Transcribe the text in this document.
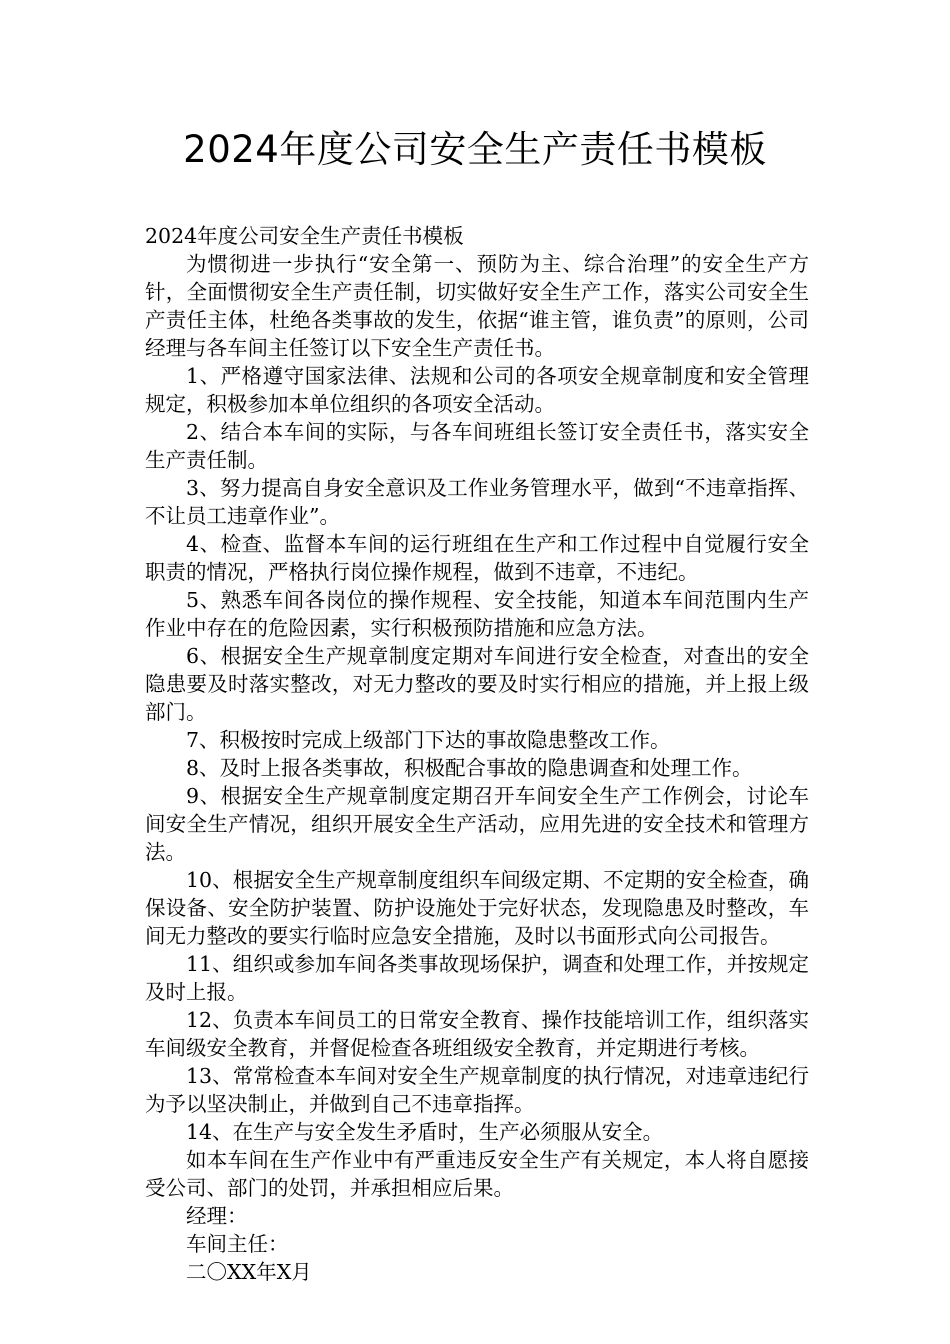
2024年度公司安全生产责任书模板

2024年度公司安全生产责任书模板

为惯彻进一步执行“安全第一、预防为主、综合治理”的安全生产方针，全面惯彻安全生产责任制，切实做好安全生产工作，落实公司安全生产责任主体，杜绝各类事故的发生，依据“谁主管，谁负责”的原则，公司经理与各车间主任签订以下安全生产责任书。

1、严格遵守国家法律、法规和公司的各项安全规章制度和安全管理规定，积极参加本单位组织的各项安全活动。

2、结合本车间的实际，与各车间班组长签订安全责任书，落实安全生产责任制。

3、努力提高自身安全意识及工作业务管理水平，做到“不违章指挥、不让员工违章作业”。

4、检查、监督本车间的运行班组在生产和工作过程中自觉履行安全职责的情况，严格执行岗位操作规程，做到不违章，不违纪。

5、熟悉车间各岗位的操作规程、安全技能，知道本车间范围内生产作业中存在的危险因素，实行积极预防措施和应急方法。

6、根据安全生产规章制度定期对车间进行安全检查，对查出的安全隐患要及时落实整改，对无力整改的要及时实行相应的措施，并上报上级部门。

7、积极按时完成上级部门下达的事故隐患整改工作。

8、及时上报各类事故，积极配合事故的隐患调查和处理工作。

9、根据安全生产规章制度定期召开车间安全生产工作例会，讨论车间安全生产情况，组织开展安全生产活动，应用先进的安全技术和管理方法。

10、根据安全生产规章制度组织车间级定期、不定期的安全检查，确保设备、安全防护装置、防护设施处于完好状态，发现隐患及时整改，车间无力整改的要实行临时应急安全措施，及时以书面形式向公司报告。

11、组织或参加车间各类事故现场保护，调查和处理工作，并按规定及时上报。

12、负责本车间员工的日常安全教育、操作技能培训工作，组织落实车间级安全教育，并督促检查各班组级安全教育，并定期进行考核。

13、常常检查本车间对安全生产规章制度的执行情况，对违章违纪行为予以坚决制止，并做到自己不违章指挥。

14、在生产与安全发生矛盾时，生产必须服从安全。

如本车间在生产作业中有严重违反安全生产有关规定，本人将自愿接受公司、部门的处罚，并承担相应后果。

经理：

车间主任：

二〇XX年X月
